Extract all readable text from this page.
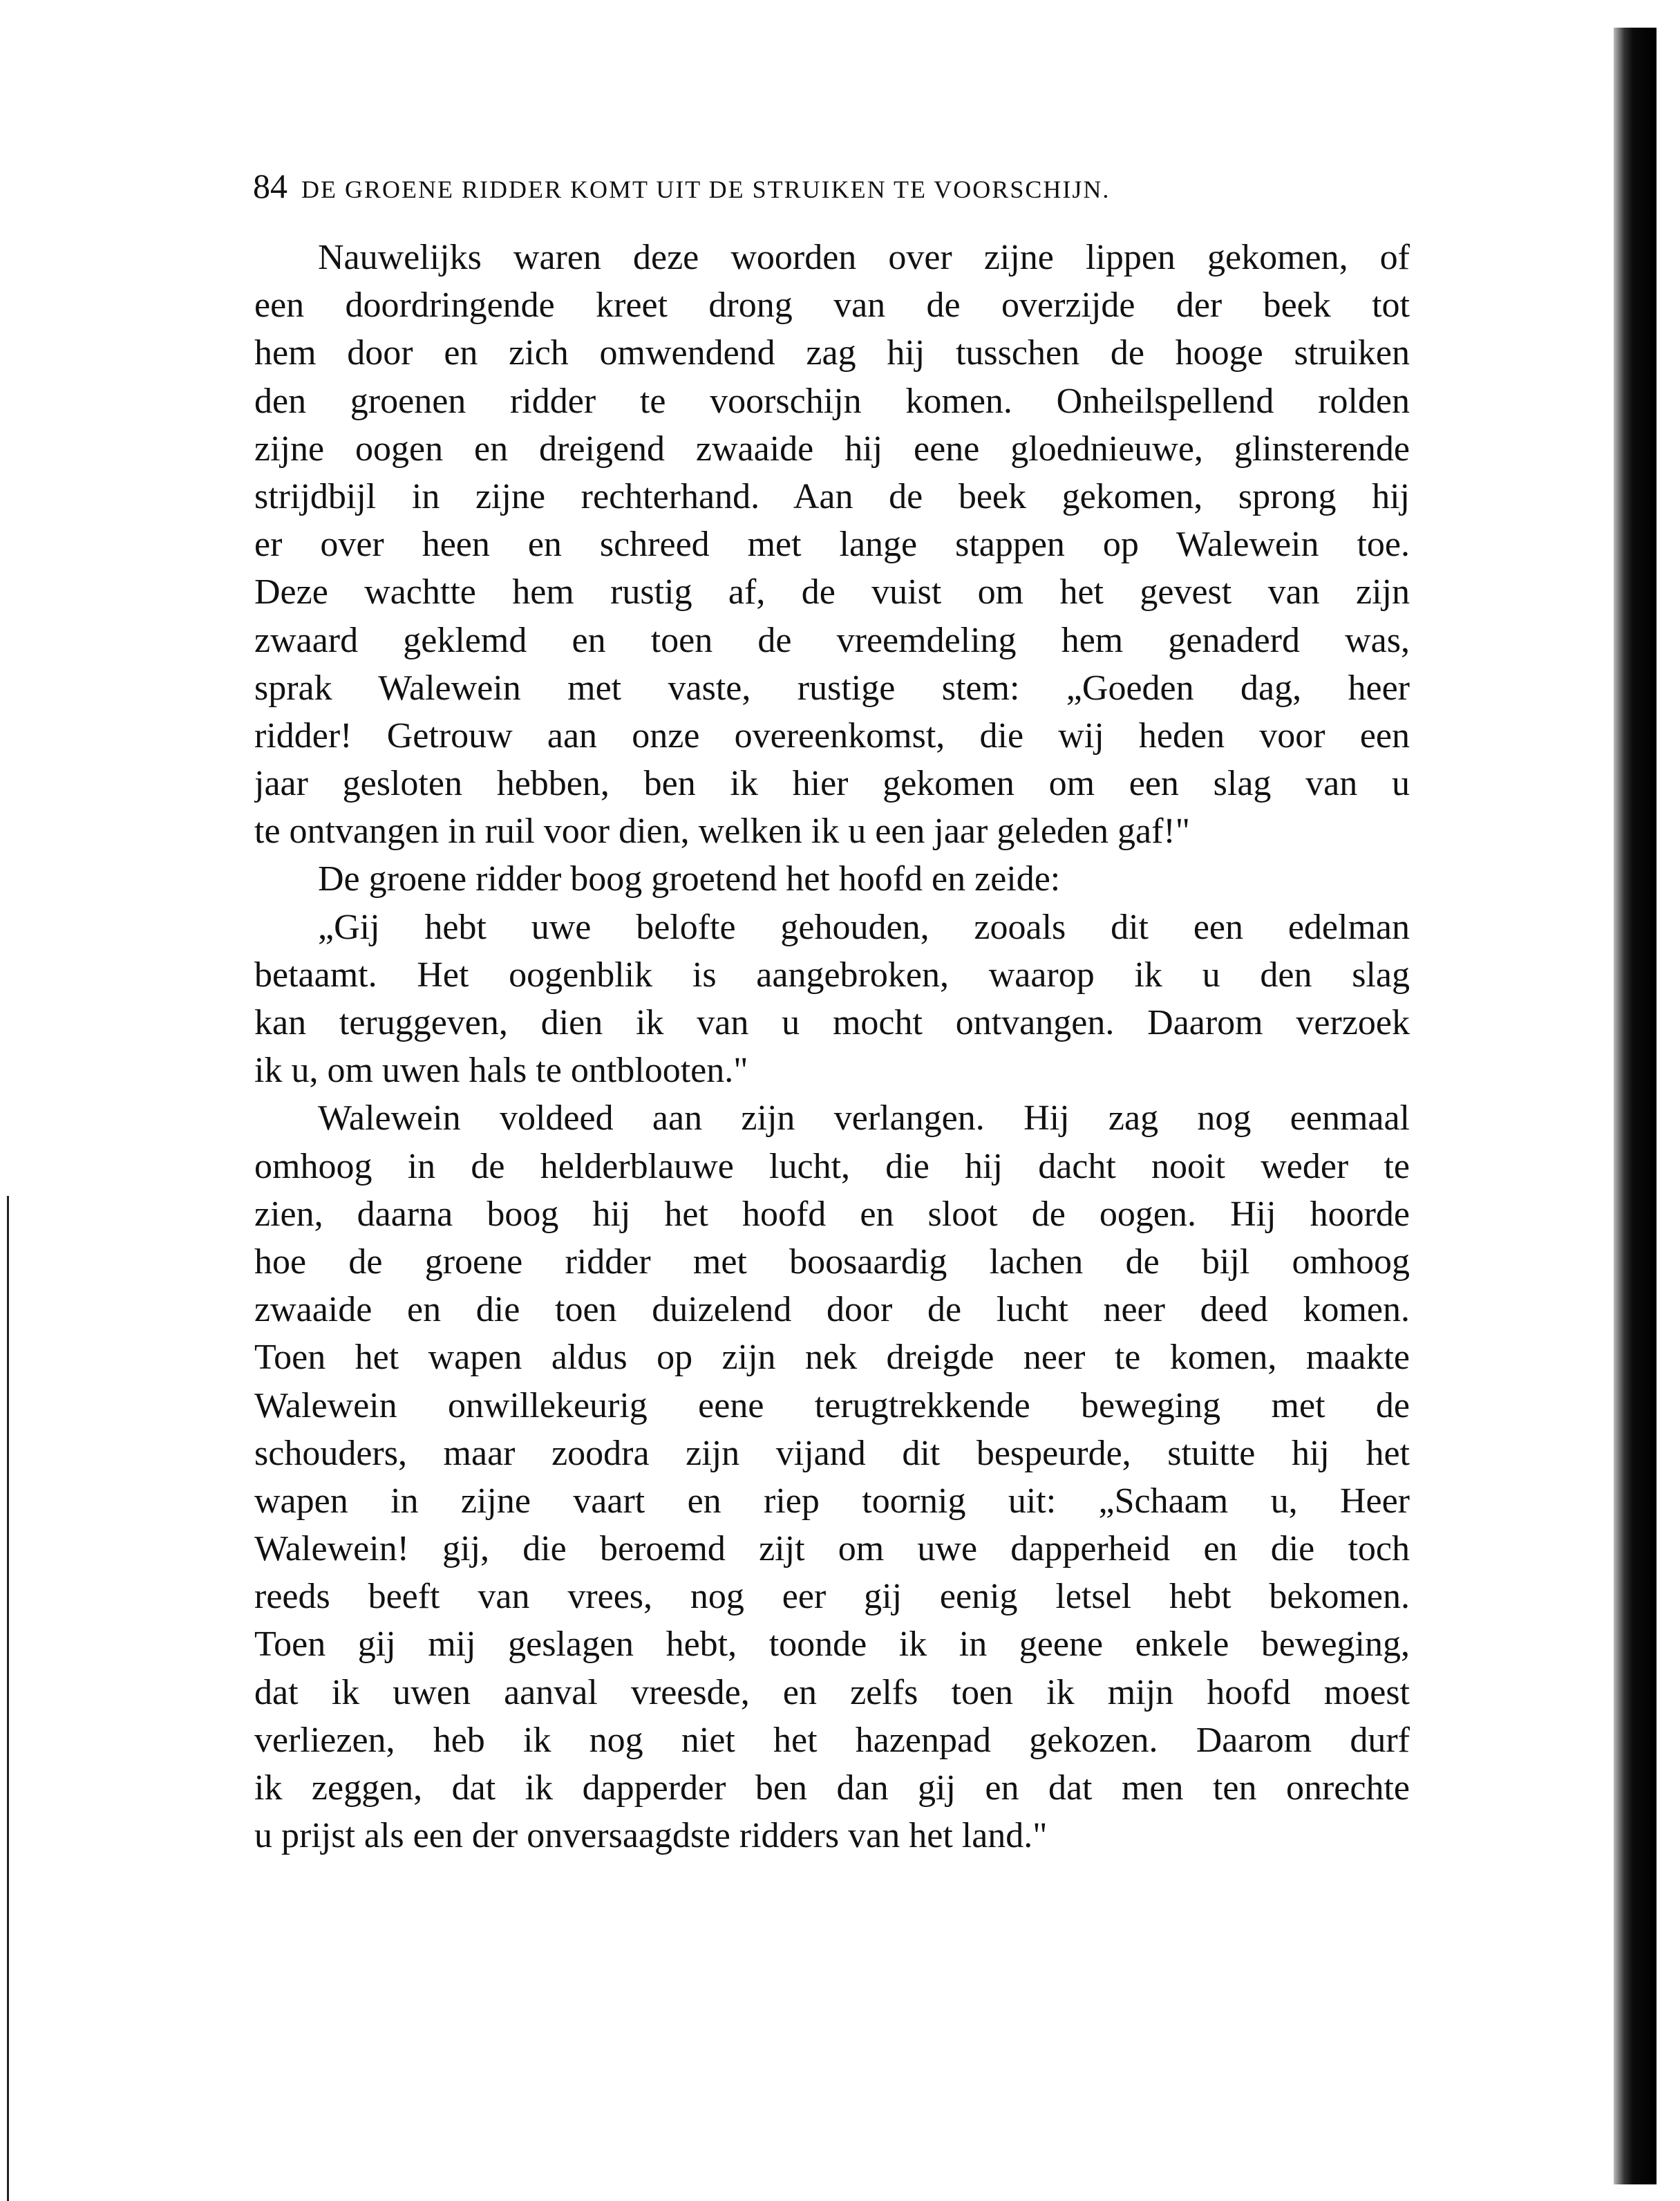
84 DE GROENE RIDDER KOMT UIT DE STRUIKEN TE VOORSCHIJN.
Nauwelijks waren deze woorden over zijne lippen gekomen, of
een doordringende kreet drong van de overzijde der beek tot
hem door en zich omwendend zag hij tusschen de hooge struiken
den groenen ridder te voorschijn komen. Onheilspellend rolden
zijne oogen en dreigend zwaaide hij eene gloednieuwe, glinsterende
strijdbijl in zijne rechterhand. Aan de beek gekomen, sprong hij
er over heen en schreed met lange stappen op Walewein toe.
Deze wachtte hem rustig af, de vuist om het gevest van zijn
zwaard geklemd en toen de vreemdeling hem genaderd was,
sprak Walewein met vaste, rustige stem: „Goeden dag, heer
ridder! Getrouw aan onze overeenkomst, die wij heden voor een
jaar gesloten hebben, ben ik hier gekomen om een slag van u
te ontvangen in ruil voor dien, welken ik u een jaar geleden gaf!"
De groene ridder boog groetend het hoofd en zeide:
„Gij hebt uwe belofte gehouden, zooals dit een edelman
betaamt. Het oogenblik is aangebroken, waarop ik u den slag
kan teruggeven, dien ik van u mocht ontvangen. Daarom verzoek
ik u, om uwen hals te ontblooten."
Walewein voldeed aan zijn verlangen. Hij zag nog eenmaal
omhoog in de helderblauwe lucht, die hij dacht nooit weder te
zien, daarna boog hij het hoofd en sloot de oogen. Hij hoorde
hoe de groene ridder met boosaardig lachen de bijl omhoog
zwaaide en die toen duizelend door de lucht neer deed komen.
Toen het wapen aldus op zijn nek dreigde neer te komen, maakte
Walewein onwillekeurig eene terugtrekkende beweging met de
schouders, maar zoodra zijn vijand dit bespeurde, stuitte hij het
wapen in zijne vaart en riep toornig uit: „Schaam u, Heer
Walewein! gij, die beroemd zijt om uwe dapperheid en die toch
reeds beeft van vrees, nog eer gij eenig letsel hebt bekomen.
Toen gij mij geslagen hebt, toonde ik in geene enkele beweging,
dat ik uwen aanval vreesde, en zelfs toen ik mijn hoofd moest
verliezen, heb ik nog niet het hazenpad gekozen. Daarom durf
ik zeggen, dat ik dapperder ben dan gij en dat men ten onrechte
u prijst als een der onversaagdste ridders van het land."
